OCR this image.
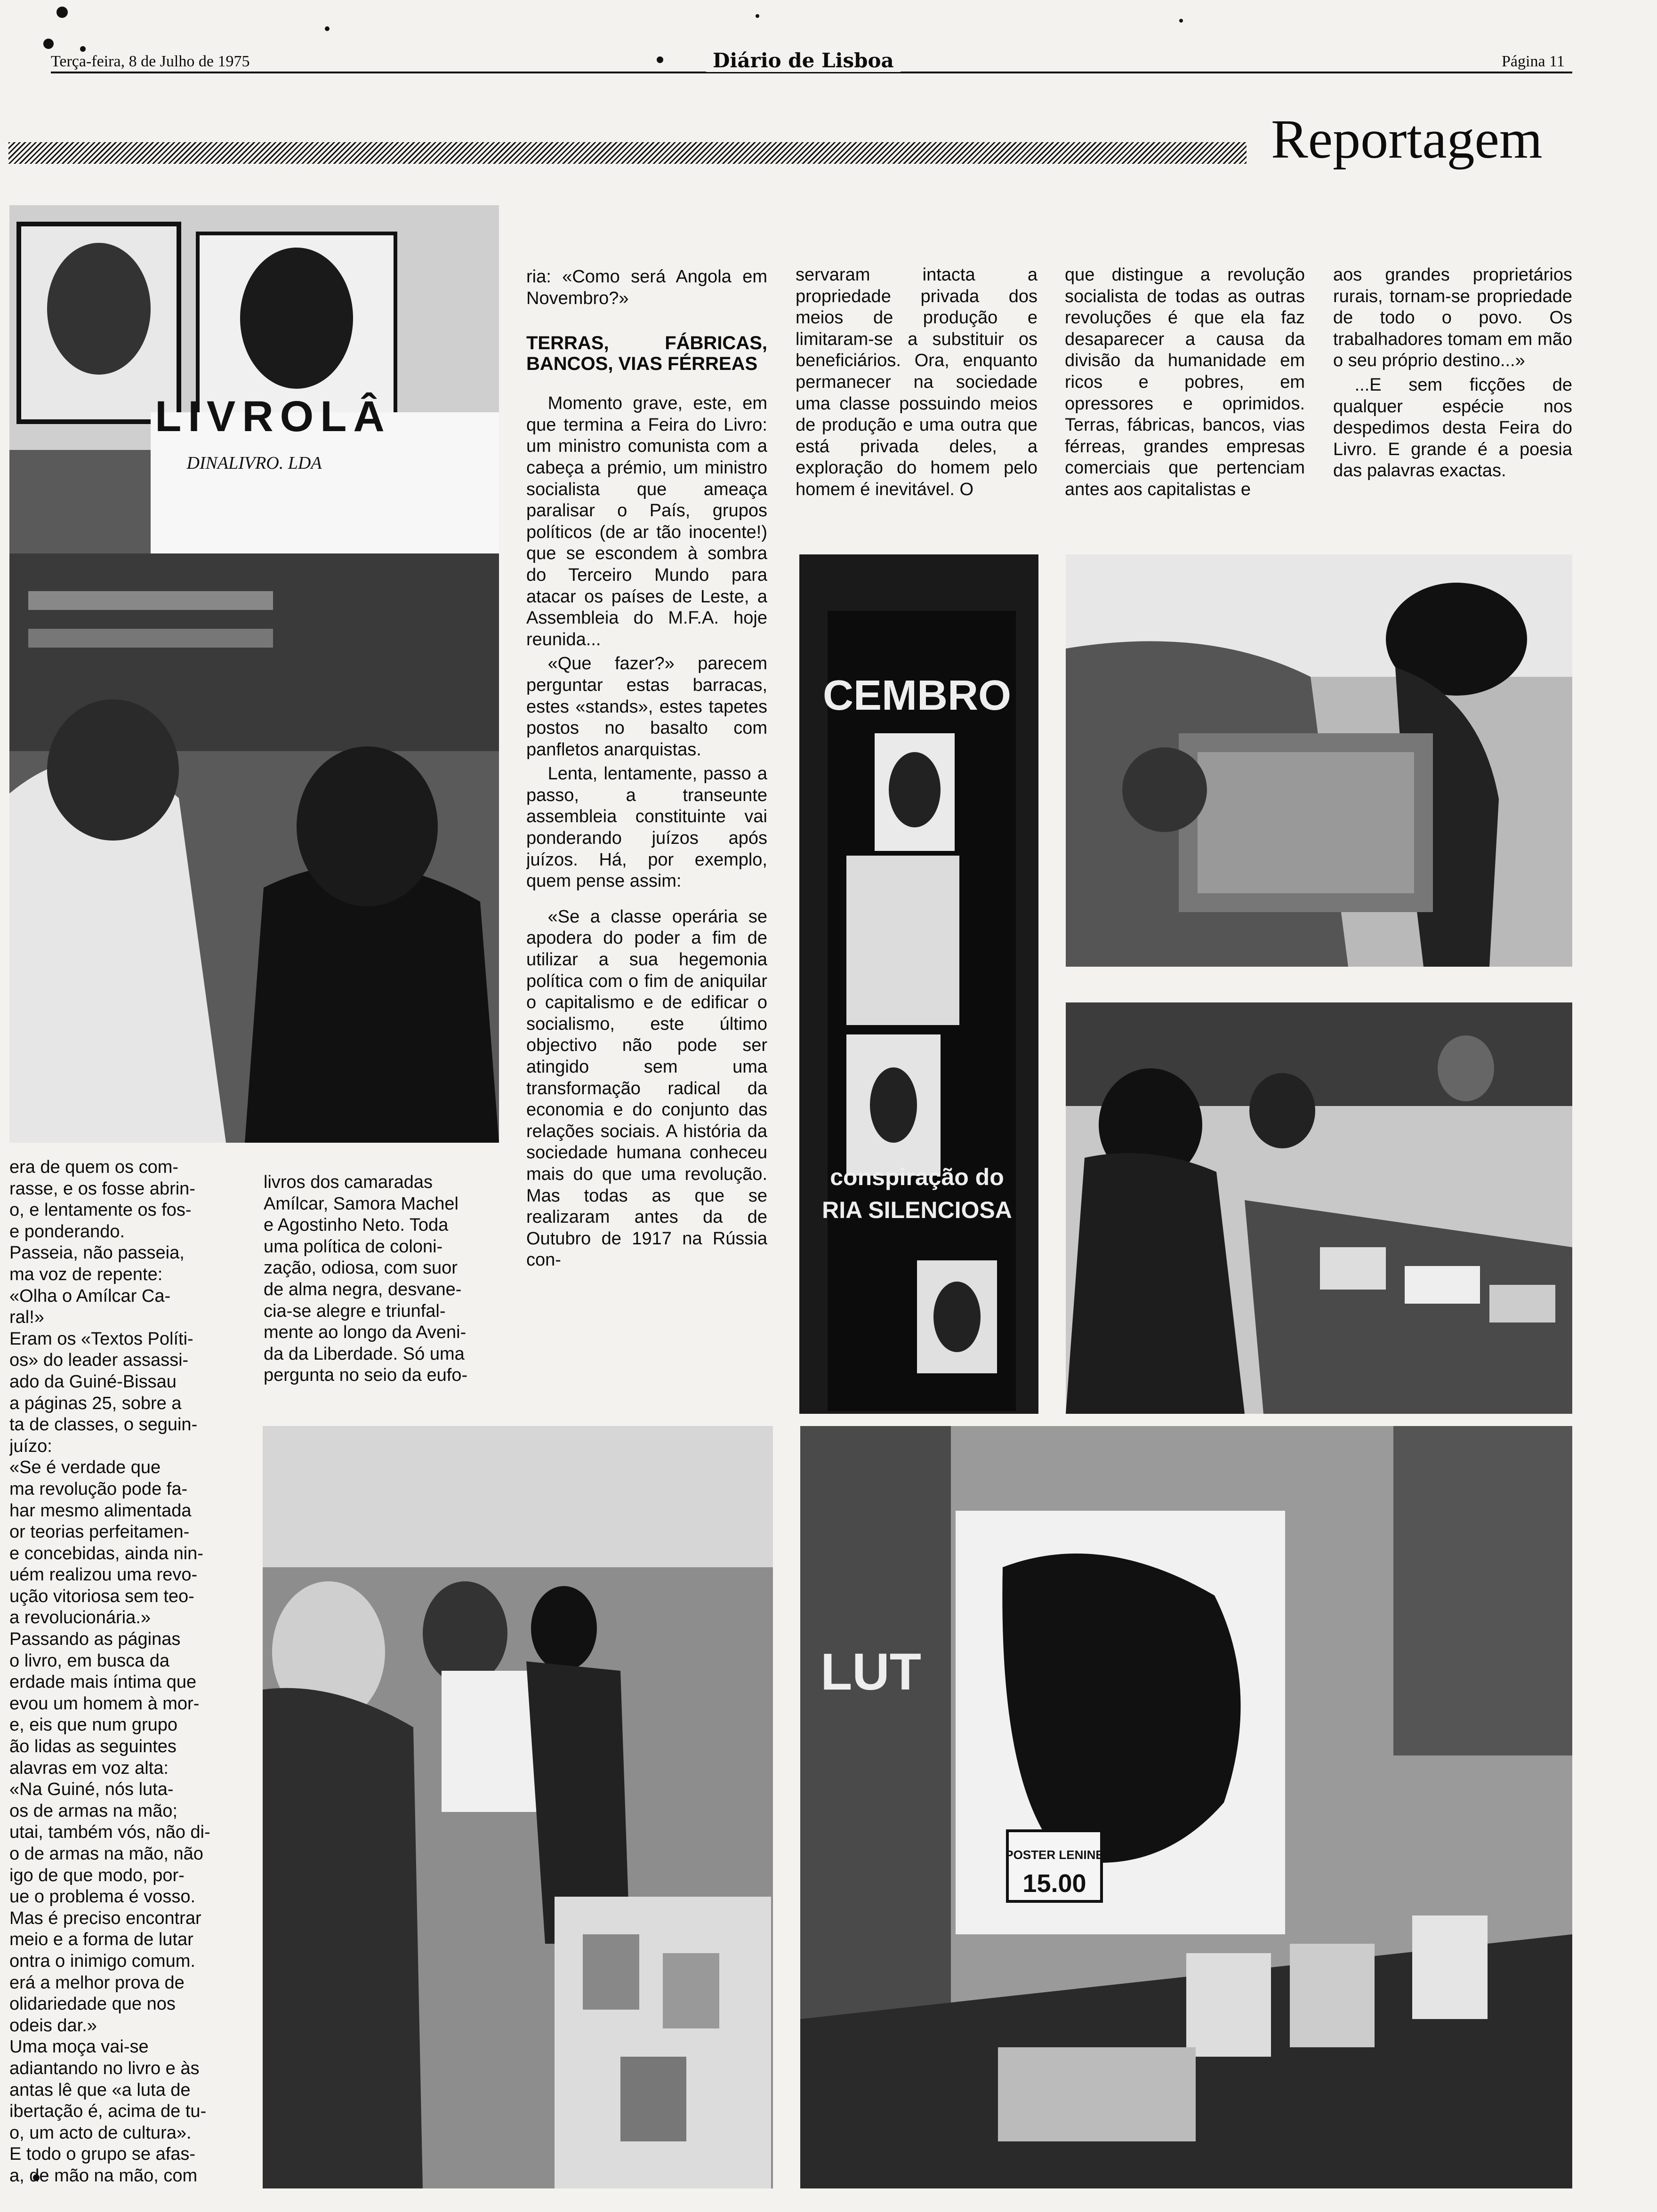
Terça-feira, 8 de Julho de 1975	Diário de Lisboa	Página 11
Reportagem
LIVROLÂ
DINALIVRO. LDA
CEMBRO
conspiração do
RIA SILENCIOSA
LUT
POSTER LENINE
15.00
era de quem os com-
rasse, e os fosse abrin-
o, e lentamente os fos-
e ponderando.
Passeia, não passeia,
ma voz de repente:
«Olha o Amílcar Ca-
ral!»
Eram os «Textos Políti-
os» do leader assassi-
ado da Guiné-Bissau
a páginas 25, sobre a
ta de classes, o seguin-
juízo:
«Se é verdade que
ma revolução pode fa-
har mesmo alimentada
or teorias perfeitamen-
e concebidas, ainda nin-
uém realizou uma revo-
ução vitoriosa sem teo-
a revolucionária.»
Passando as páginas
o livro, em busca da
erdade mais íntima que
evou um homem à mor-
e, eis que num grupo
ão lidas as seguintes
alavras em voz alta:
«Na Guiné, nós luta-
os de armas na mão;
utai, também vós, não di-
o de armas na mão, não
igo de que modo, por-
ue o problema é vosso.
Mas é preciso encontrar
meio e a forma de lutar
ontra o inimigo comum.
erá a melhor prova de
olidariedade que nos
odeis dar.»
Uma moça vai-se
adiantando no livro e às
antas lê que «a luta de
ibertação é, acima de tu-
o, um acto de cultura».
E todo o grupo se afas-
a, de mão na mão, com
livros dos camaradas
Amílcar, Samora Machel
e Agostinho Neto. Toda
uma política de coloni-
zação, odiosa, com suor
de alma negra, desvane-
cia-se alegre e triunfal-
mente ao longo da Aveni-
da da Liberdade. Só uma
pergunta no seio da eufo-

ria: «Como será Angola em Novembro?»

TERRAS, FÁBRICAS, BANCOS, VIAS FÉRREAS

Momento grave, este, em que termina a Feira do Livro: um ministro comunista com a cabeça a prémio, um ministro socialista que ameaça paralisar o País, grupos políticos (de ar tão inocente!) que se escondem à sombra do Terceiro Mundo para atacar os países de Leste, a Assembleia do M.F.A. hoje reunida...

«Que fazer?» parecem perguntar estas barracas, estes «stands», estes tapetes postos no basalto com panfletos anarquistas.

Lenta, lentamente, passo a passo, a transeunte assembleia constituinte vai ponderando juízos após juízos. Há, por exemplo, quem pense assim:

«Se a classe operária se apodera do poder a fim de utilizar a sua hegemonia política com o fim de aniquilar o capitalismo e de edificar o socialismo, este último objectivo não pode ser atingido sem uma transformação radical da economia e do conjunto das relações sociais. A história da sociedade humana conheceu mais do que uma revolução. Mas todas as que se realizaram antes da de Outubro de 1917 na Rússia con-

servaram intacta a propriedade privada dos meios de produção e limitaram-se a substituir os beneficiários. Ora, enquanto permanecer na sociedade uma classe possuindo meios de produção e uma outra que está privada deles, a exploração do homem pelo homem é inevitável. O

que distingue a revolução socialista de todas as outras revoluções é que ela faz desaparecer a causa da divisão da humanidade em ricos e pobres, em opressores e oprimidos. Terras, fábricas, bancos, vias férreas, grandes empresas comerciais que pertenciam antes aos capitalistas e

aos grandes proprietários rurais, tornam-se propriedade de todo o povo. Os trabalhadores tomam em mão o seu próprio destino...»

...E sem ficções de qualquer espécie nos despedimos desta Feira do Livro. E grande é a poesia das palavras exactas.
